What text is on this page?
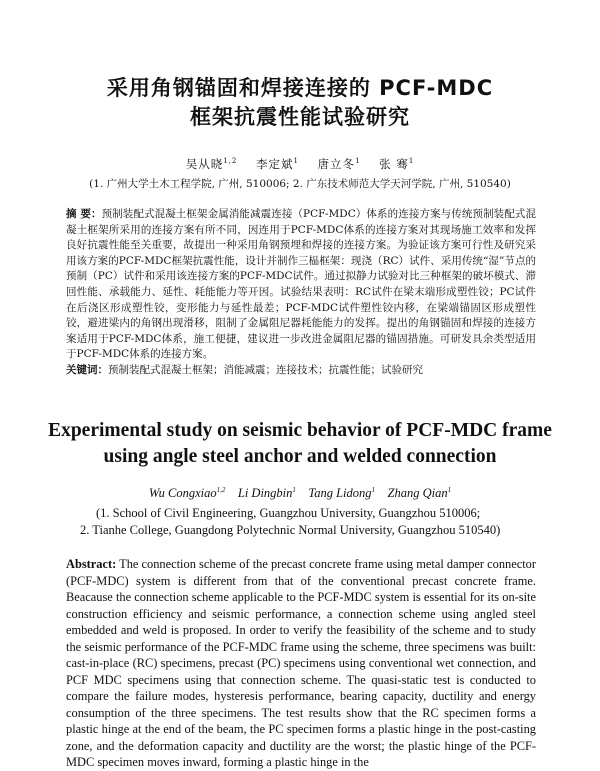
采用角钢锚固和焊接连接的 PCF-MDC
框架抗震性能试验研究
吴从晓$^{1,2}$ 李定斌$^1$ 唐立冬$^1$ 张 骞$^1$
(1. 广州大学土木工程学院, 广州, 510006; 2. 广东技术师范大学天河学院, 广州, 510540)
摘 要：预制装配式混凝土框架金属消能减震连接（PCF-MDC）体系的连接方案与传统预制装配式混凝土框架所采用的连接方案有所不同，因连用于PCF-MDC体系的连接方案对其现场施工效率和发挥良好抗震性能至关重要，故提出一种采用角钢预埋和焊接的连接方案。为验证该方案可行性及研究采用该方案的PCF-MDC框架抗震性能，设计并制作三榀框架：现浇（RC）试件、采用传统“湿”节点的预制（PC）试件和采用该连接方案的PCF-MDC试件。通过拟静力试验对比三种框架的破坏模式、滞回性能、承载能力、延性、耗能能力等开因。试验结果表明：RC试件在梁末端形成塑性铰；PC试件在后浇区形成塑性铰，变形能力与延性最差；PCF-MDC试件塑性铰内移，在梁端锚固区形成塑性铰，避进梁内的角钢出现滑移，阻制了金属阻尼器耗能能力的发挥。提出的角钢锚固和焊接的连接方案适用于PCF-MDC体系，施工便捷，建议进一步改进金属阻尼器的锚固措施。可研发具余类型适用于PCF-MDC体系的连接方案。
关键词：预制装配式混凝土框架；消能减震；连接技术；抗震性能；试验研究
Experimental study on seismic behavior of PCF-MDC frame
using angle steel anchor and welded connection
Wu Congxiao$^{1,2}$ Li Dingbin$^1$ Tang Lidong$^1$ Zhang Qian$^1$
(1. School of Civil Engineering, Guangzhou University, Guangzhou 510006;
2. Tianhe College, Guangdong Polytechnic Normal University, Guangzhou 510540)
Abstract: The connection scheme of the precast concrete frame using metal damper connector (PCF-MDC) system is different from that of the conventional precast concrete frame. Beacause the connection scheme applicable to the PCF-MDC system is essential for its on-site construction efficiency and seismic performance, a connection scheme using angled steel embedded and weld is proposed. In order to verify the feasibility of the scheme and to study the seismic performance of the PCF-MDC frame using the scheme, three specimens was built: cast-in-place (RC) specimens, precast (PC) specimens using conventional wet connection, and PCF MDC specimens using that connection scheme. The quasi-static test is conducted to compare the failure modes, hysteresis performance, bearing capacity, ductility and energy consumption of the three specimens. The test results show that the RC specimen forms a plastic hinge at the end of the beam, the PC specimen forms a plastic hinge in the post-casting zone, and the deformation capacity and ductility are the worst; the plastic hinge of the PCF-MDC specimen moves inward, forming a plastic hinge in the
